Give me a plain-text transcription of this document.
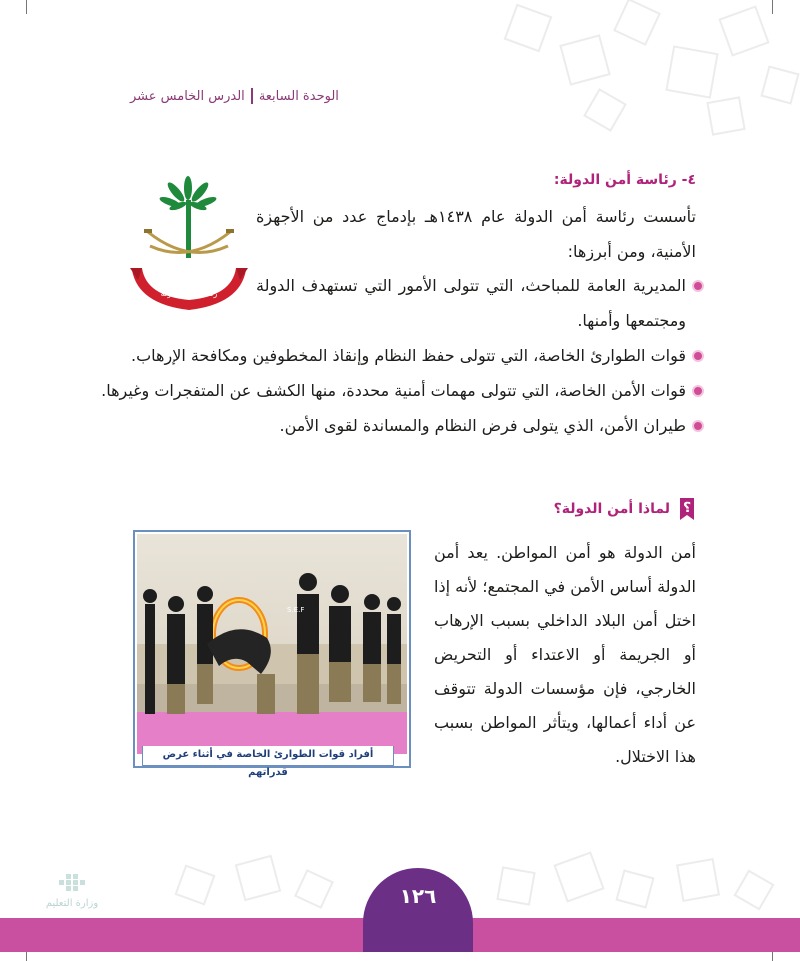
الوحدة السابعة
الدرس الخامس عشر
رئاسة أمن الدولة
٤- رئاسة أمن الدولة:
تأسست رئاسة أمن الدولة عام ١٤٣٨هـ بإدماج عدد من الأجهزة الأمنية، ومن أبرزها:
المديرية العامة للمباحث، التي تتولى الأمور التي تستهدف الدولة ومجتمعها وأمنها.
قوات الطوارئ الخاصة، التي تتولى حفظ النظام وإنقاذ المخطوفين ومكافحة الإرهاب.
قوات الأمن الخاصة، التي تتولى مهمات أمنية محددة، منها الكشف عن المتفجرات وغيرها.
طيران الأمن، الذي يتولى فرض النظام والمساندة لقوى الأمن.
؟
لماذا أمن الدولة؟
أمن الدولة هو أمن المواطن. يعد أمن الدولة أساس الأمن في المجتمع؛ لأنه إذا اختل أمن البلاد الداخلي بسبب الإرهاب أو الجريمة أو الاعتداء أو التحريض الخارجي، فإن مؤسسات الدولة تتوقف عن أداء أعمالها، ويتأثر المواطن بسبب هذا الاختلال.
S.E.F
أفراد قوات الطوارئ الخاصة في أثناء عرض قدراتهم
وزارة التعليم	١٢٦
